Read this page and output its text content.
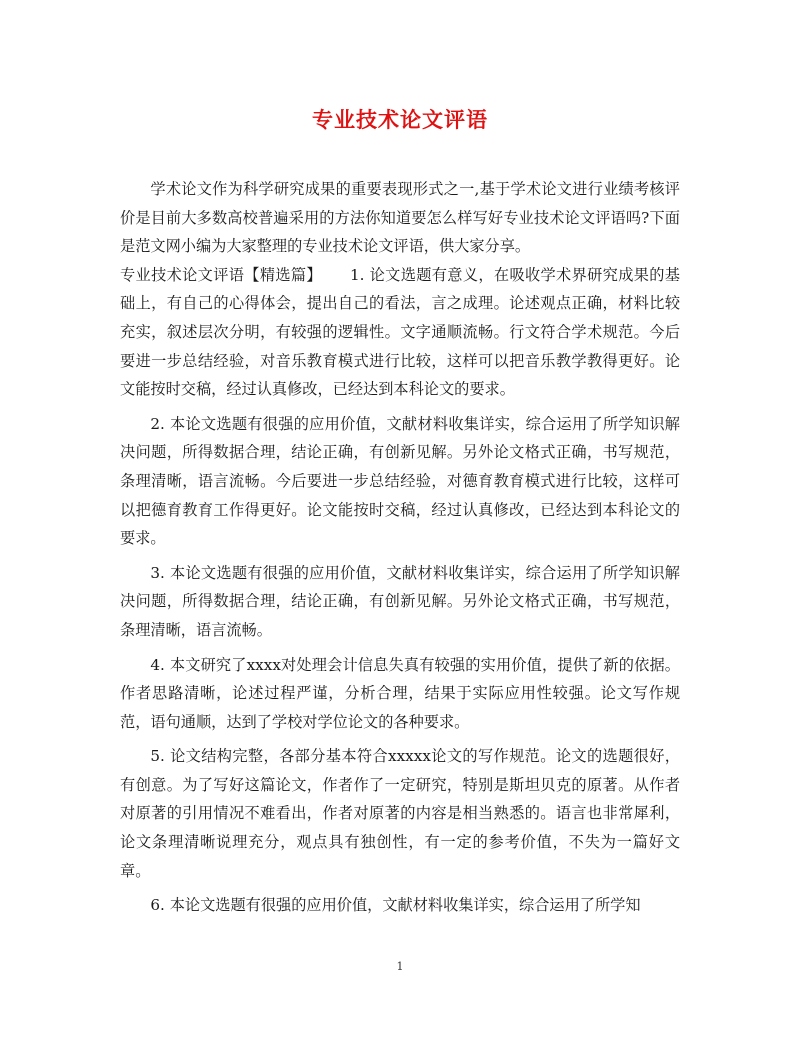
专业技术论文评语

学术论文作为科学研究成果的重要表现形式之一,基于学术论文进行业绩考核评价是目前大多数高校普遍采用的方法你知道要怎么样写好专业技术论文评语吗?下面是范文网小编为大家整理的专业技术论文评语，供大家分享。

专业技术论文评语【精选篇】 1. 论文选题有意义，在吸收学术界研究成果的基础上，有自己的心得体会，提出自己的看法，言之成理。论述观点正确，材料比较充实，叙述层次分明，有较强的逻辑性。文字通顺流畅。行文符合学术规范。今后要进一步总结经验，对音乐教育模式进行比较，这样可以把音乐教学教得更好。论文能按时交稿，经过认真修改，已经达到本科论文的要求。

2. 本论文选题有很强的应用价值，文献材料收集详实，综合运用了所学知识解决问题，所得数据合理，结论正确，有创新见解。另外论文格式正确，书写规范，条理清晰，语言流畅。今后要进一步总结经验，对德育教育模式进行比较，这样可以把德育教育工作得更好。论文能按时交稿，经过认真修改，已经达到本科论文的要求。

3. 本论文选题有很强的应用价值，文献材料收集详实，综合运用了所学知识解决问题，所得数据合理，结论正确，有创新见解。另外论文格式正确，书写规范，条理清晰，语言流畅。

4. 本文研究了xxxx对处理会计信息失真有较强的实用价值，提供了新的依据。作者思路清晰，论述过程严谨，分析合理，结果于实际应用性较强。论文写作规范，语句通顺，达到了学校对学位论文的各种要求。

5. 论文结构完整，各部分基本符合xxxxx论文的写作规范。论文的选题很好，有创意。为了写好这篇论文，作者作了一定研究，特别是斯坦贝克的原著。从作者对原著的引用情况不难看出，作者对原著的内容是相当熟悉的。语言也非常犀利，论文条理清晰说理充分，观点具有独创性，有一定的参考价值，不失为一篇好文章。

6. 本论文选题有很强的应用价值，文献材料收集详实，综合运用了所学知

1
